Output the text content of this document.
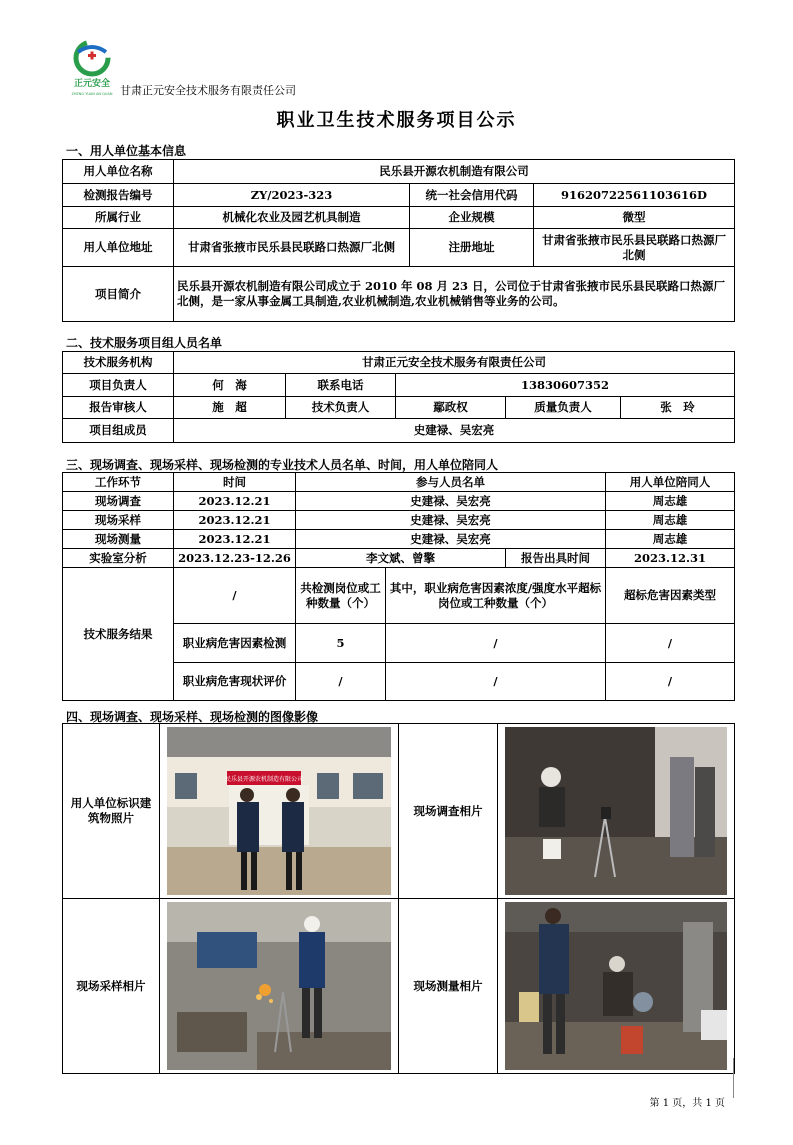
正元安全
ZHENG YUAN AN QUAN 甘肃正元安全技术服务有限责任公司
职业卫生技术服务项目公示
一、用人单位基本信息
用人单位名称	民乐县开源农机制造有限公司		
检测报告编号	ZY/2023-323	统一社会信用代码	91620722561103616D
所属行业	机械化农业及园艺机具制造	企业规模	微型
用人单位地址	甘肃省张掖市民乐县民联路口热源厂北侧	注册地址	甘肃省张掖市民乐县民联路口热源厂北侧
项目简介	民乐县开源农机制造有限公司成立于 2010 年 08 月 23 日，公司位于甘肃省张掖市民乐县民联路口热源厂北侧，是一家从事金属工具制造,农业机械制造,农业机械销售等业务的公司。		
二、技术服务项目组人员名单
技术服务机构	甘肃正元安全技术服务有限责任公司				
项目负责人	何　海	联系电话	13830607352		
报告审核人	施　超	技术负责人	鄢政权	质量负责人	张　玲
项目组成员	史建禄、吴宏亮				
三、现场调查、现场采样、现场检测的专业技术人员名单、时间，用人单位陪同人
工作环节	时间	参与人员名单			用人单位陪同人
现场调查	2023.12.21	史建禄、吴宏亮			周志雄
现场采样	2023.12.21	史建禄、吴宏亮			周志雄
现场测量	2023.12.21	史建禄、吴宏亮			周志雄
实验室分析	2023.12.23-12.26	李文斌、曾擎		报告出具时间	2023.12.31
技术服务结果	/	共检测岗位或工种数量（个）	其中，职业病危害因素浓度/强度水平超标岗位或工种数量（个）		超标危害因素类型
	职业病危害因素检测	5	/		/
	职业病危害现状评价	/	/		/
四、现场调查、现场采样、现场检测的图像影像
用人单位标识建筑物照片	民乐县开源农机制造有限公司	现场调查相片	

现场采样相片		现场测量相片	
第 1 页，共 1 页
